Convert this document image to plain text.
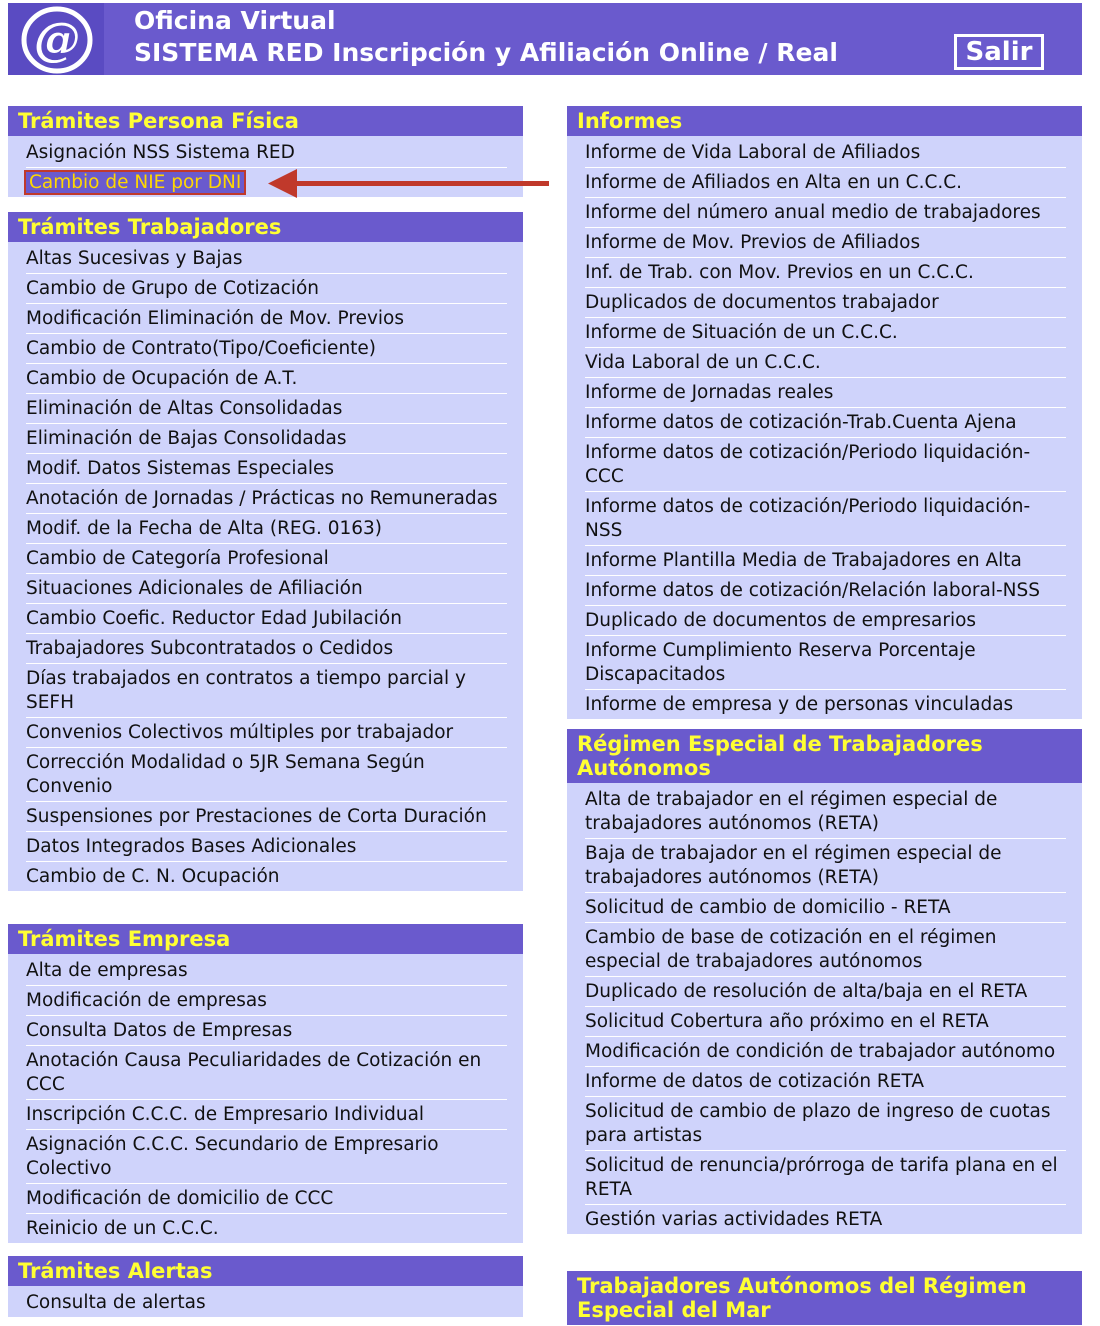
@ Oficina Virtual
SISTEMA RED Inscripción y Afiliación Online / Real	Salir
Trámites Persona Física
Asignación NSS Sistema RED
Cambio de NIE por DNI
Trámites Trabajadores
Altas Sucesivas y Bajas
Cambio de Grupo de Cotización
Modificación Eliminación de Mov. Previos
Cambio de Contrato(Tipo/Coeficiente)
Cambio de Ocupación de A.T.
Eliminación de Altas Consolidadas
Eliminación de Bajas Consolidadas
Modif. Datos Sistemas Especiales
Anotación de Jornadas / Prácticas no Remuneradas
Modif. de la Fecha de Alta (REG. 0163)
Cambio de Categoría Profesional
Situaciones Adicionales de Afiliación
Cambio Coefic. Reductor Edad Jubilación
Trabajadores Subcontratados o Cedidos
Días trabajados en contratos a tiempo parcial y SEFH
Convenios Colectivos múltiples por trabajador
Corrección Modalidad o 5JR Semana Según Convenio
Suspensiones por Prestaciones de Corta Duración
Datos Integrados Bases Adicionales
Cambio de C. N. Ocupación
Trámites Empresa
Alta de empresas
Modificación de empresas
Consulta Datos de Empresas
Anotación Causa Peculiaridades de Cotización en CCC
Inscripción C.C.C. de Empresario Individual
Asignación C.C.C. Secundario de Empresario Colectivo
Modificación de domicilio de CCC
Reinicio de un C.C.C.
Trámites Alertas
Consulta de alertas
Informes
Informe de Vida Laboral de Afiliados
Informe de Afiliados en Alta en un C.C.C.
Informe del número anual medio de trabajadores
Informe de Mov. Previos de Afiliados
Inf. de Trab. con Mov. Previos en un C.C.C.
Duplicados de documentos trabajador
Informe de Situación de un C.C.C.
Vida Laboral de un C.C.C.
Informe de Jornadas reales
Informe datos de cotización-Trab.Cuenta Ajena
Informe datos de cotización/Periodo liquidación-CCC
Informe datos de cotización/Periodo liquidación-NSS
Informe Plantilla Media de Trabajadores en Alta
Informe datos de cotización/Relación laboral-NSS
Duplicado de documentos de empresarios
Informe Cumplimiento Reserva Porcentaje Discapacitados
Informe de empresa y de personas vinculadas
Régimen Especial de Trabajadores Autónomos
Alta de trabajador en el régimen especial de trabajadores autónomos (RETA)
Baja de trabajador en el régimen especial de trabajadores autónomos (RETA)
Solicitud de cambio de domicilio - RETA
Cambio de base de cotización en el régimen especial de trabajadores autónomos
Duplicado de resolución de alta/baja en el RETA
Solicitud Cobertura año próximo en el RETA
Modificación de condición de trabajador autónomo
Informe de datos de cotización RETA
Solicitud de cambio de plazo de ingreso de cuotas para artistas
Solicitud de renuncia/prórroga de tarifa plana en el RETA
Gestión varias actividades RETA
Trabajadores Autónomos del Régimen Especial del Mar
